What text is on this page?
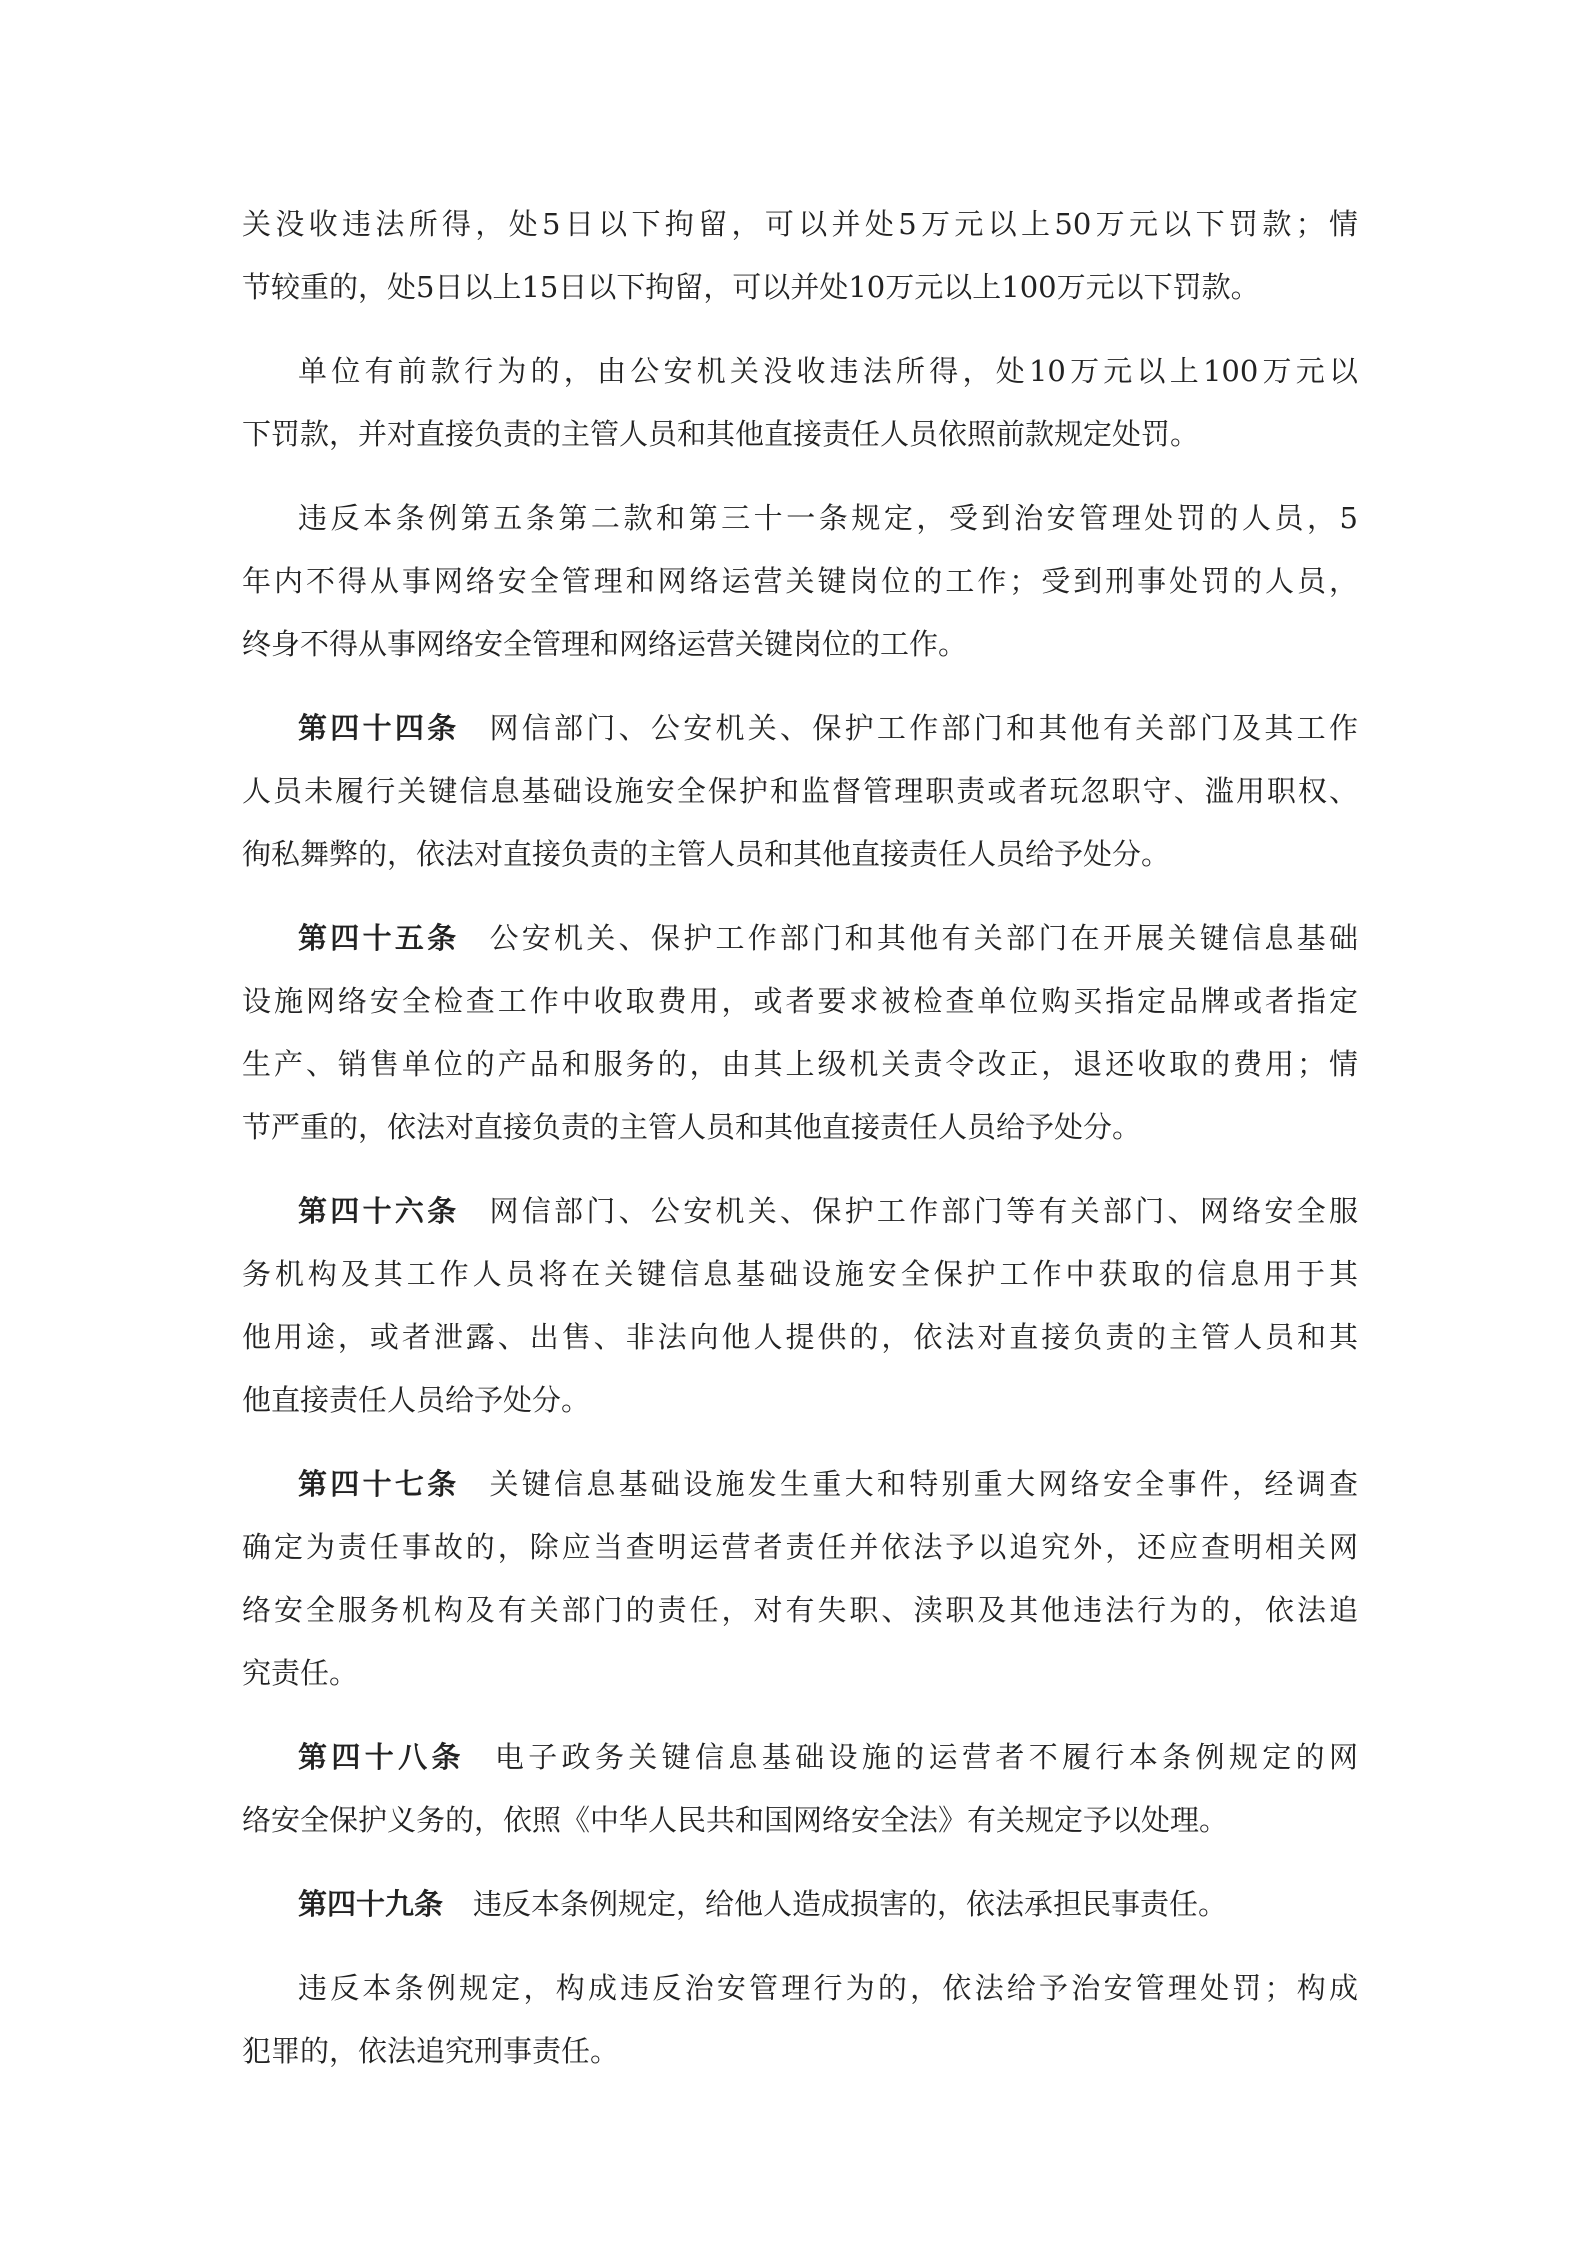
关没收违法所得，处5日以下拘留，可以并处5万元以上50万元以下罚款；情
节较重的，处5日以上15日以下拘留，可以并处10万元以上100万元以下罚款。
单位有前款行为的，由公安机关没收违法所得，处10万元以上100万元以
下罚款，并对直接负责的主管人员和其他直接责任人员依照前款规定处罚。
违反本条例第五条第二款和第三十一条规定，受到治安管理处罚的人员，5
年内不得从事网络安全管理和网络运营关键岗位的工作；受到刑事处罚的人员，
终身不得从事网络安全管理和网络运营关键岗位的工作。
第四十四条 网信部门、公安机关、保护工作部门和其他有关部门及其工作
人员未履行关键信息基础设施安全保护和监督管理职责或者玩忽职守、滥用职权、
徇私舞弊的，依法对直接负责的主管人员和其他直接责任人员给予处分。
第四十五条 公安机关、保护工作部门和其他有关部门在开展关键信息基础
设施网络安全检查工作中收取费用，或者要求被检查单位购买指定品牌或者指定
生产、销售单位的产品和服务的，由其上级机关责令改正，退还收取的费用；情
节严重的，依法对直接负责的主管人员和其他直接责任人员给予处分。
第四十六条 网信部门、公安机关、保护工作部门等有关部门、网络安全服
务机构及其工作人员将在关键信息基础设施安全保护工作中获取的信息用于其
他用途，或者泄露、出售、非法向他人提供的，依法对直接负责的主管人员和其
他直接责任人员给予处分。
第四十七条 关键信息基础设施发生重大和特别重大网络安全事件，经调查
确定为责任事故的，除应当查明运营者责任并依法予以追究外，还应查明相关网
络安全服务机构及有关部门的责任，对有失职、渎职及其他违法行为的，依法追
究责任。
第四十八条 电子政务关键信息基础设施的运营者不履行本条例规定的网
络安全保护义务的，依照《中华人民共和国网络安全法》有关规定予以处理。
第四十九条 违反本条例规定，给他人造成损害的，依法承担民事责任。
违反本条例规定，构成违反治安管理行为的，依法给予治安管理处罚；构成
犯罪的，依法追究刑事责任。
